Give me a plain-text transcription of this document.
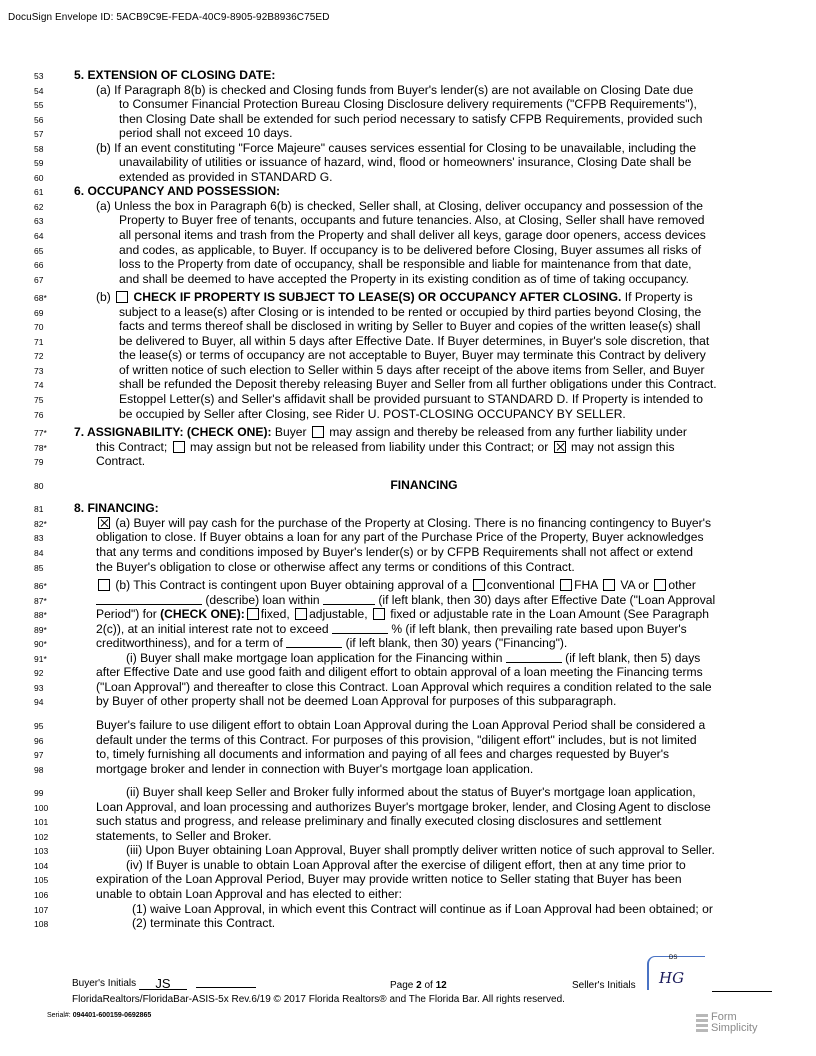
DocuSign Envelope ID: 5ACB9C9E-FEDA-40C9-8905-92B8936C75ED
53	5. EXTENSION OF CLOSING DATE:
54	(a) If Paragraph 8(b) is checked and Closing funds from Buyer's lender(s) are not available on Closing Date due
55	to Consumer Financial Protection Bureau Closing Disclosure delivery requirements ("CFPB Requirements"),
56	then Closing Date shall be extended for such period necessary to satisfy CFPB Requirements, provided such
57	period shall not exceed 10 days.
58	(b) If an event constituting "Force Majeure" causes services essential for Closing to be unavailable, including the
59	unavailability of utilities or issuance of hazard, wind, flood or homeowners' insurance, Closing Date shall be
60	extended as provided in STANDARD G.
61	6. OCCUPANCY AND POSSESSION:
62	(a) Unless the box in Paragraph 6(b) is checked, Seller shall, at Closing, deliver occupancy and possession of the
63	Property to Buyer free of tenants, occupants and future tenancies. Also, at Closing, Seller shall have removed
64	all personal items and trash from the Property and shall deliver all keys, garage door openers, access devices
65	and codes, as applicable, to Buyer. If occupancy is to be delivered before Closing, Buyer assumes all risks of
66	loss to the Property from date of occupancy, shall be responsible and liable for maintenance from that date,
67	and shall be deemed to have accepted the Property in its existing condition as of time of taking occupancy.
68*	(b) CHECK IF PROPERTY IS SUBJECT TO LEASE(S) OR OCCUPANCY AFTER CLOSING. If Property is
69	subject to a lease(s) after Closing or is intended to be rented or occupied by third parties beyond Closing, the
70	facts and terms thereof shall be disclosed in writing by Seller to Buyer and copies of the written lease(s) shall
71	be delivered to Buyer, all within 5 days after Effective Date. If Buyer determines, in Buyer's sole discretion, that
72	the lease(s) or terms of occupancy are not acceptable to Buyer, Buyer may terminate this Contract by delivery
73	of written notice of such election to Seller within 5 days after receipt of the above items from Seller, and Buyer
74	shall be refunded the Deposit thereby releasing Buyer and Seller from all further obligations under this Contract.
75	Estoppel Letter(s) and Seller's affidavit shall be provided pursuant to STANDARD D. If Property is intended to
76	be occupied by Seller after Closing, see Rider U. POST-CLOSING OCCUPANCY BY SELLER.
77*	7. ASSIGNABILITY: (CHECK ONE): Buyer  may assign and thereby be released from any further liability under
78*	this Contract;  may assign but not be released from liability under this Contract; or  may not assign this
79	Contract.
80	FINANCING
81	8. FINANCING:
82*	(a) Buyer will pay cash for the purchase of the Property at Closing. There is no financing contingency to Buyer's
83	obligation to close. If Buyer obtains a loan for any part of the Purchase Price of the Property, Buyer acknowledges
84	that any terms and conditions imposed by Buyer's lender(s) or by CFPB Requirements shall not affect or extend
85	the Buyer's obligation to close or otherwise affect any terms or conditions of this Contract.
86*	(b) This Contract is contingent upon Buyer obtaining approval of a conventional FHA  VA or other
87*	(describe) loan within	(if left blank, then 30) days after Effective Date ("Loan Approval
88*	Period") for (CHECK ONE): fixed, adjustable,  fixed or adjustable rate in the Loan Amount (See Paragraph
89*	2(c)), at an initial interest rate not to exceed	% (if left blank, then prevailing rate based upon Buyer's
90*	creditworthiness), and for a term of	(if left blank, then 30) years ("Financing").
91*	(i) Buyer shall make mortgage loan application for the Financing within	(if left blank, then 5) days
92	after Effective Date and use good faith and diligent effort to obtain approval of a loan meeting the Financing terms
93	("Loan Approval") and thereafter to close this Contract. Loan Approval which requires a condition related to the sale
94	by Buyer of other property shall not be deemed Loan Approval for purposes of this subparagraph.
95	Buyer's failure to use diligent effort to obtain Loan Approval during the Loan Approval Period shall be considered a
96	default under the terms of this Contract. For purposes of this provision, "diligent effort" includes, but is not limited
97	to, timely furnishing all documents and information and paying of all fees and charges requested by Buyer's
98	mortgage broker and lender in connection with Buyer's mortgage loan application.
99	(ii) Buyer shall keep Seller and Broker fully informed about the status of Buyer's mortgage loan application,
100	Loan Approval, and loan processing and authorizes Buyer's mortgage broker, lender, and Closing Agent to disclose
101	such status and progress, and release preliminary and finally executed closing disclosures and settlement
102	statements, to Seller and Broker.
103	(iii) Upon Buyer obtaining Loan Approval, Buyer shall promptly deliver written notice of such approval to Seller.
104	(iv) If Buyer is unable to obtain Loan Approval after the exercise of diligent effort, then at any time prior to
105	expiration of the Loan Approval Period, Buyer may provide written notice to Seller stating that Buyer has been
106	unable to obtain Loan Approval and has elected to either:
107	(1) waive Loan Approval, in which event this Contract will continue as if Loan Approval had been obtained; or
108	(2) terminate this Contract.
Buyer's Initials JS	Page 2 of 12	Seller's Initials
DS
HG
FloridaRealtors/FloridaBar-ASIS-5x Rev.6/19 © 2017 Florida Realtors® and The Florida Bar. All rights reserved.
Serial#: 094401-600159-0692865	Form
Simplicity
